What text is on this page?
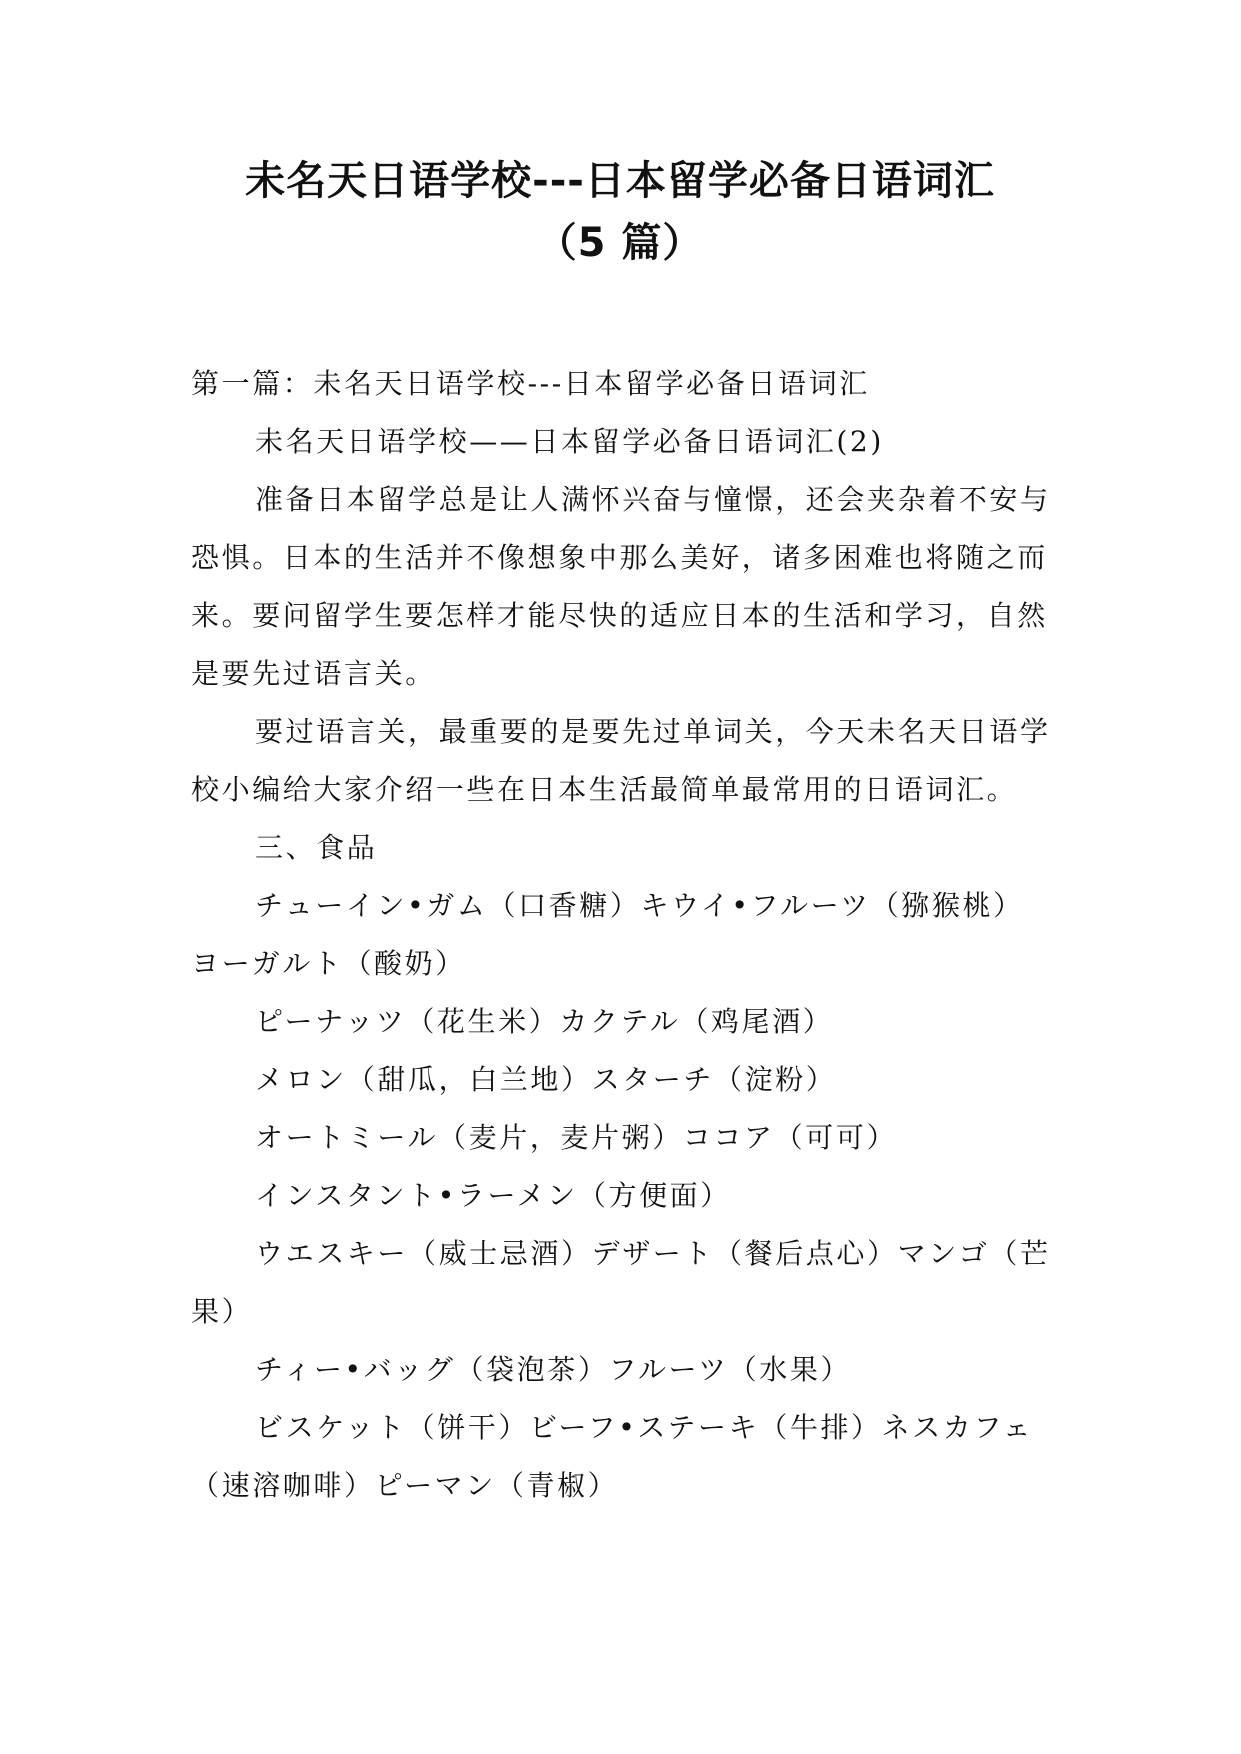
未名天日语学校---日本留学必备日语词汇
（5 篇）

第一篇：未名天日语学校---日本留学必备日语词汇

未名天日语学校——日本留学必备日语词汇(2)

准备日本留学总是让人满怀兴奋与憧憬，还会夹杂着不安与恐惧。日本的生活并不像想象中那么美好，诸多困难也将随之而来。要问留学生要怎样才能尽快的适应日本的生活和学习，自然是要先过语言关。

要过语言关，最重要的是要先过单词关，今天未名天日语学校小编给大家介绍一些在日本生活最简单最常用的日语词汇。

三、食品

チューイン•ガム（口香糖）キウイ•フルーツ（猕猴桃）ヨーガルト（酸奶）

ピーナッツ（花生米）カクテル（鸡尾酒）

メロン（甜瓜，白兰地）スターチ（淀粉）

オートミール（麦片，麦片粥）ココア（可可）

インスタント•ラーメン（方便面）

ウエスキー（威士忌酒）デザート（餐后点心）マンゴ（芒果）

チィー•バッグ（袋泡茶）フルーツ（水果）

ビスケット（饼干）ビーフ•ステーキ（牛排）ネスカフェ（速溶咖啡）ピーマン（青椒）
